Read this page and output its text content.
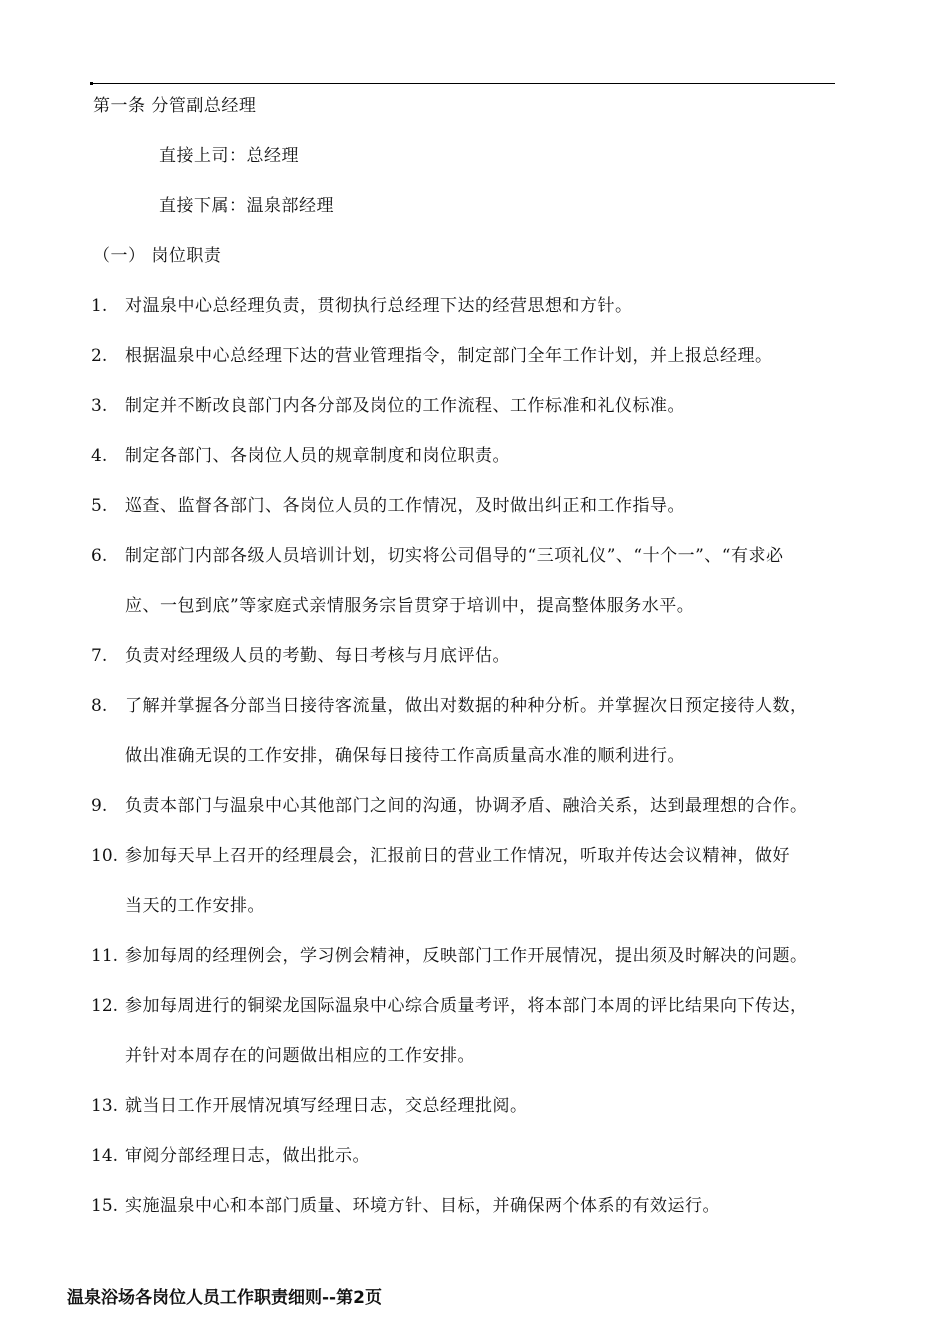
第一条 分管副总经理
直接上司：总经理
直接下属：温泉部经理
（一） 岗位职责
1. 对温泉中心总经理负责，贯彻执行总经理下达的经营思想和方针。
2. 根据温泉中心总经理下达的营业管理指令，制定部门全年工作计划，并上报总经理。
3. 制定并不断改良部门内各分部及岗位的工作流程、工作标准和礼仪标准。
4. 制定各部门、各岗位人员的规章制度和岗位职责。
5. 巡查、监督各部门、各岗位人员的工作情况，及时做出纠正和工作指导。
6. 制定部门内部各级人员培训计划，切实将公司倡导的“三项礼仪”、“十个一”、“有求必
应、一包到底”等家庭式亲情服务宗旨贯穿于培训中，提高整体服务水平。
7. 负责对经理级人员的考勤、每日考核与月底评估。
8. 了解并掌握各分部当日接待客流量，做出对数据的种种分析。并掌握次日预定接待人数，
做出准确无误的工作安排，确保每日接待工作高质量高水准的顺利进行。
9. 负责本部门与温泉中心其他部门之间的沟通，协调矛盾、融洽关系，达到最理想的合作。
10. 参加每天早上召开的经理晨会，汇报前日的营业工作情况，听取并传达会议精神，做好
当天的工作安排。
11. 参加每周的经理例会，学习例会精神，反映部门工作开展情况，提出须及时解决的问题。
12. 参加每周进行的铜梁龙国际温泉中心综合质量考评，将本部门本周的评比结果向下传达，
并针对本周存在的问题做出相应的工作安排。
13. 就当日工作开展情况填写经理日志，交总经理批阅。
14. 审阅分部经理日志，做出批示。
15. 实施温泉中心和本部门质量、环境方针、目标，并确保两个体系的有效运行。
温泉浴场各岗位人员工作职责细则--第2页
